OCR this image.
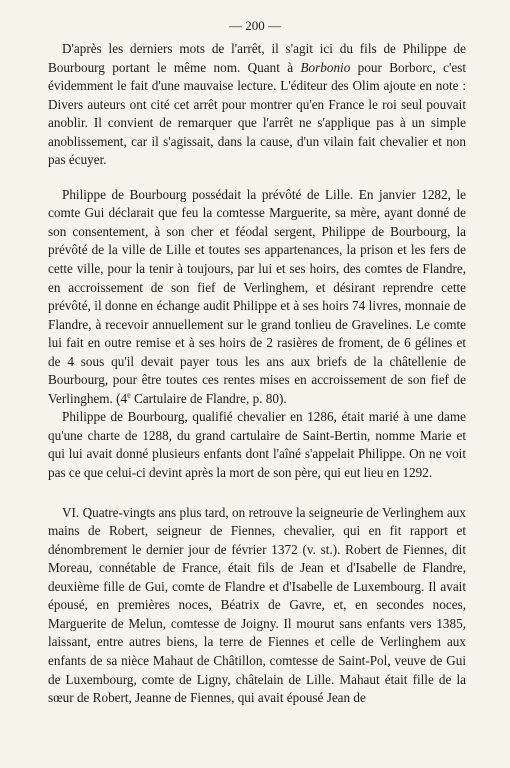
— 200 —

D'après les derniers mots de l'arrêt, il s'agit ici du fils de Philippe de Bourbourg portant le même nom. Quant à Borbonio pour Borborc, c'est évidemment le fait d'une mauvaise lecture. L'éditeur des Olim ajoute en note : Divers auteurs ont cité cet arrêt pour montrer qu'en France le roi seul pouvait anoblir. Il convient de remarquer que l'arrêt ne s'applique pas à un simple anoblissement, car il s'agissait, dans la cause, d'un vilain fait chevalier et non pas écuyer.

Philippe de Bourbourg possédait la prévôté de Lille. En janvier 1282, le comte Gui déclarait que feu la comtesse Marguerite, sa mère, ayant donné de son consentement, à son cher et féodal sergent, Philippe de Bourbourg, la prévôté de la ville de Lille et toutes ses appartenances, la prison et les fers de cette ville, pour la tenir à toujours, par lui et ses hoirs, des comtes de Flandre, en accroissement de son fief de Verlinghem, et désirant reprendre cette prévôté, il donne en échange audit Philippe et à ses hoirs 74 livres, monnaie de Flandre, à recevoir annuellement sur le grand tonlieu de Gravelines. Le comte lui fait en outre remise et à ses hoirs de 2 rasières de froment, de 6 gélines et de 4 sous qu'il devait payer tous les ans aux briefs de la châtellenie de Bourbourg, pour être toutes ces rentes mises en accroissement de son fief de Verlinghem. (4e Cartulaire de Flandre, p. 80).

Philippe de Bourbourg, qualifié chevalier en 1286, était marié à une dame qu'une charte de 1288, du grand cartulaire de Saint-Bertin, nomme Marie et qui lui avait donné plusieurs enfants dont l'aîné s'appelait Philippe. On ne voit pas ce que celui-ci devint après la mort de son père, qui eut lieu en 1292.

VI. Quatre-vingts ans plus tard, on retrouve la seigneurie de Verlinghem aux mains de Robert, seigneur de Fiennes, chevalier, qui en fit rapport et dénombrement le dernier jour de février 1372 (v. st.). Robert de Fiennes, dit Moreau, connétable de France, était fils de Jean et d'Isabelle de Flandre, deuxième fille de Gui, comte de Flandre et d'Isabelle de Luxembourg. Il avait épousé, en premières noces, Béatrix de Gavre, et, en secondes noces, Marguerite de Melun, comtesse de Joigny. Il mourut sans enfants vers 1385, laissant, entre autres biens, la terre de Fiennes et celle de Verlinghem aux enfants de sa nièce Mahaut de Châtillon, comtesse de Saint-Pol, veuve de Gui de Luxembourg, comte de Ligny, châtelain de Lille. Mahaut était fille de la sœur de Robert, Jeanne de Fiennes, qui avait épousé Jean de
